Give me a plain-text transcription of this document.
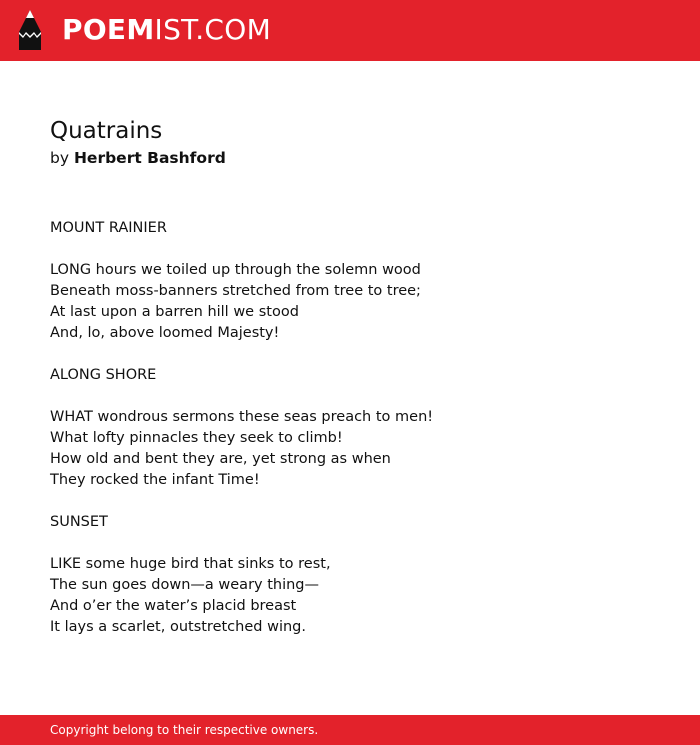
POEMIST.COM
Quatrains

by Herbert Bashford

MOUNT RAINIER
LONG hours we toiled up through the solemn wood
Beneath moss-banners stretched from tree to tree;
At last upon a barren hill we stood
And, lo, above loomed Majesty!
ALONG SHORE
WHAT wondrous sermons these seas preach to men!
What lofty pinnacles they seek to climb!
How old and bent they are, yet strong as when
They rocked the infant Time!
SUNSET
LIKE some huge bird that sinks to rest,
The sun goes down—a weary thing—
And o’er the water’s placid breast
It lays a scarlet, outstretched wing.
Copyright belong to their respective owners.
